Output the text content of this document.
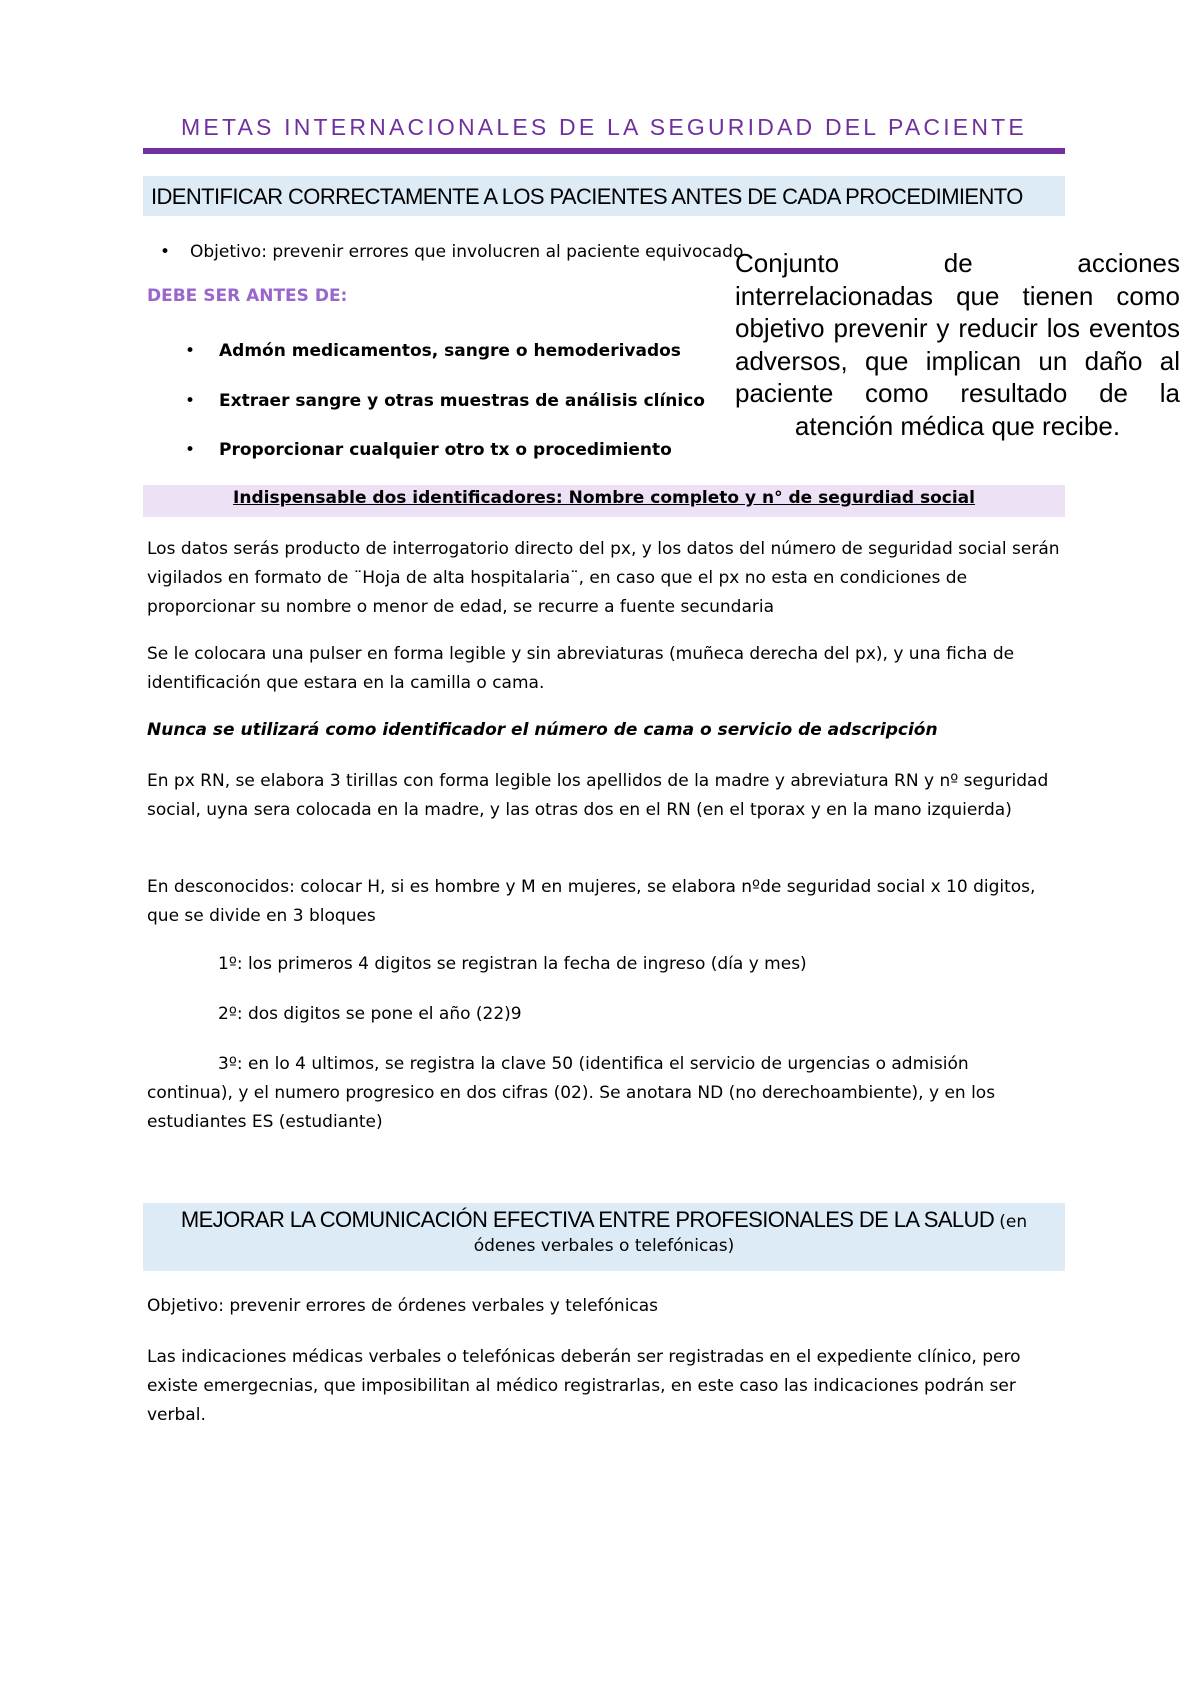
METAS INTERNACIONALES DE LA SEGURIDAD DEL PACIENTE
IDENTIFICAR CORRECTAMENTE A LOS PACIENTES ANTES DE CADA PROCEDIMIENTO
• Objetivo: prevenir errores que involucren al paciente equivocado
DEBE SER ANTES DE:
• Admón medicamentos, sangre o hemoderivados
• Extraer sangre y otras muestras de análisis clínico
• Proporcionar cualquier otro tx o procedimiento
Conjunto de acciones interrelacionadas que tienen como objetivo prevenir y reducir los eventos adversos, que implican un daño al paciente como resultado de la atención médica que recibe.
Indispensable dos identificadores: Nombre completo y n° de segurdiad social
Los datos serás producto de interrogatorio directo del px, y los datos del número de seguridad social serán vigilados en formato de ¨Hoja de alta hospitalaria¨, en caso que el px no esta en condiciones de proporcionar su nombre o menor de edad, se recurre a fuente secundaria
Se le colocara una pulser en forma legible y sin abreviaturas (muñeca derecha del px), y una ficha de identificación que estara en la camilla o cama.
Nunca se utilizará como identificador el número de cama o servicio de adscripción
En px RN, se elabora 3 tirillas con forma legible los apellidos de la madre y abreviatura RN y nº seguridad social, uyna sera colocada en la madre, y las otras dos en el RN (en el tporax y en la mano izquierda)
En desconocidos: colocar H, si es hombre y M en mujeres, se elabora nºde seguridad social x 10 digitos, que se divide en 3 bloques
1º: los primeros 4 digitos se registran la fecha de ingreso (día y mes)
2º: dos digitos se pone el año (22)9
3º: en lo 4 ultimos, se registra la clave 50 (identifica el servicio de urgencias o admisión
continua), y el numero progresico en dos cifras (02). Se anotara ND (no derechoambiente), y en los estudiantes ES (estudiante)
MEJORAR LA COMUNICACIÓN EFECTIVA ENTRE PROFESIONALES DE LA SALUD (en
ódenes verbales o telefónicas)
Objetivo: prevenir errores de órdenes verbales y telefónicas
Las indicaciones médicas verbales o telefónicas deberán ser registradas en el expediente clínico, pero existe emergecnias, que imposibilitan al médico registrarlas, en este caso las indicaciones podrán ser verbal.
